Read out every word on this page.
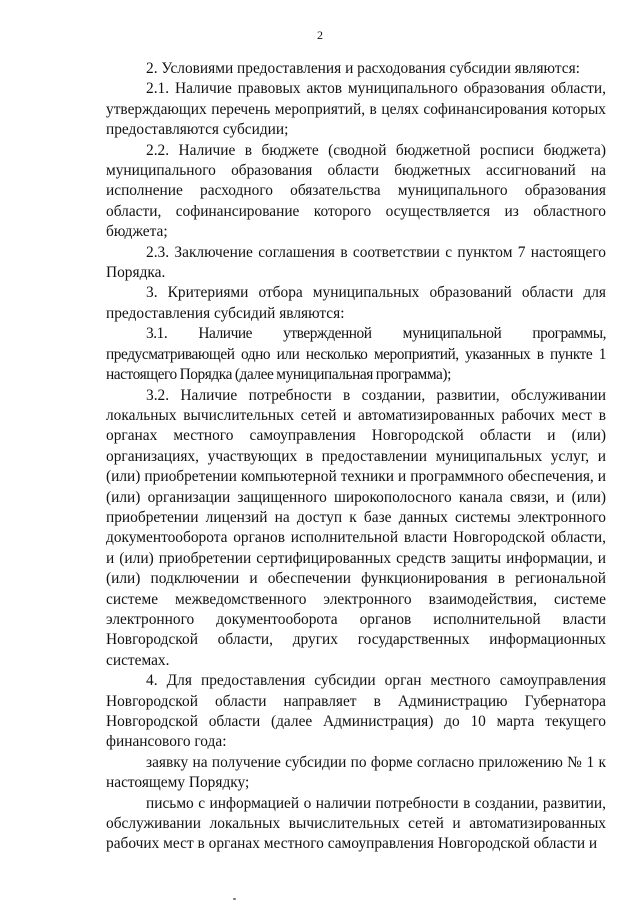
2

2. Условиями предоставления и расходования субсидии являются:

2.1. Наличие правовых актов муниципального образования области, утверждающих перечень мероприятий, в целях софинансирования которых предоставляются субсидии;

2.2. Наличие в бюджете (сводной бюджетной росписи бюджета) муниципального образования области бюджетных ассигнований на исполнение расходного обязательства муниципального образования области, софинансирование которого осуществляется из областного бюджета;

2.3. Заключение соглашения в соответствии с пунктом 7 настоящего Порядка.

3. Критериями отбора муниципальных образований области для предоставления субсидий являются:

3.1. Наличие утвержденной муниципальной программы, предусматривающей одно или несколько мероприятий, указанных в пункте 1 настоящего Порядка (далее муниципальная программа);

3.2. Наличие потребности в создании, развитии, обслуживании локальных вычислительных сетей и автоматизированных рабочих мест в органах местного самоуправления Новгородской области и (или) организациях, участвующих в предоставлении муниципальных услуг, и (или) приобретении компьютерной техники и программного обеспечения, и (или) организации защищенного широкополосного канала связи, и (или) приобретении лицензий на доступ к базе данных системы электронного документооборота органов исполнительной власти Новгородской области, и (или) приобретении сертифицированных средств защиты информации, и (или) подключении и обеспечении функционирования в региональной системе межведомственного электронного взаимодействия, системе электронного документооборота органов исполнительной власти Новгородской области, других государственных информационных системах.

4. Для предоставления субсидии орган местного самоуправления Новгородской области направляет в Администрацию Губернатора Новгородской области (далее Администрация) до 10 марта текущего финансового года:

заявку на получение субсидии по форме согласно приложению № 1 к настоящему Порядку;

письмо с информацией о наличии потребности в создании, развитии, обслуживании локальных вычислительных сетей и автоматизированных рабочих мест в органах местного самоуправления Новгородской области и
